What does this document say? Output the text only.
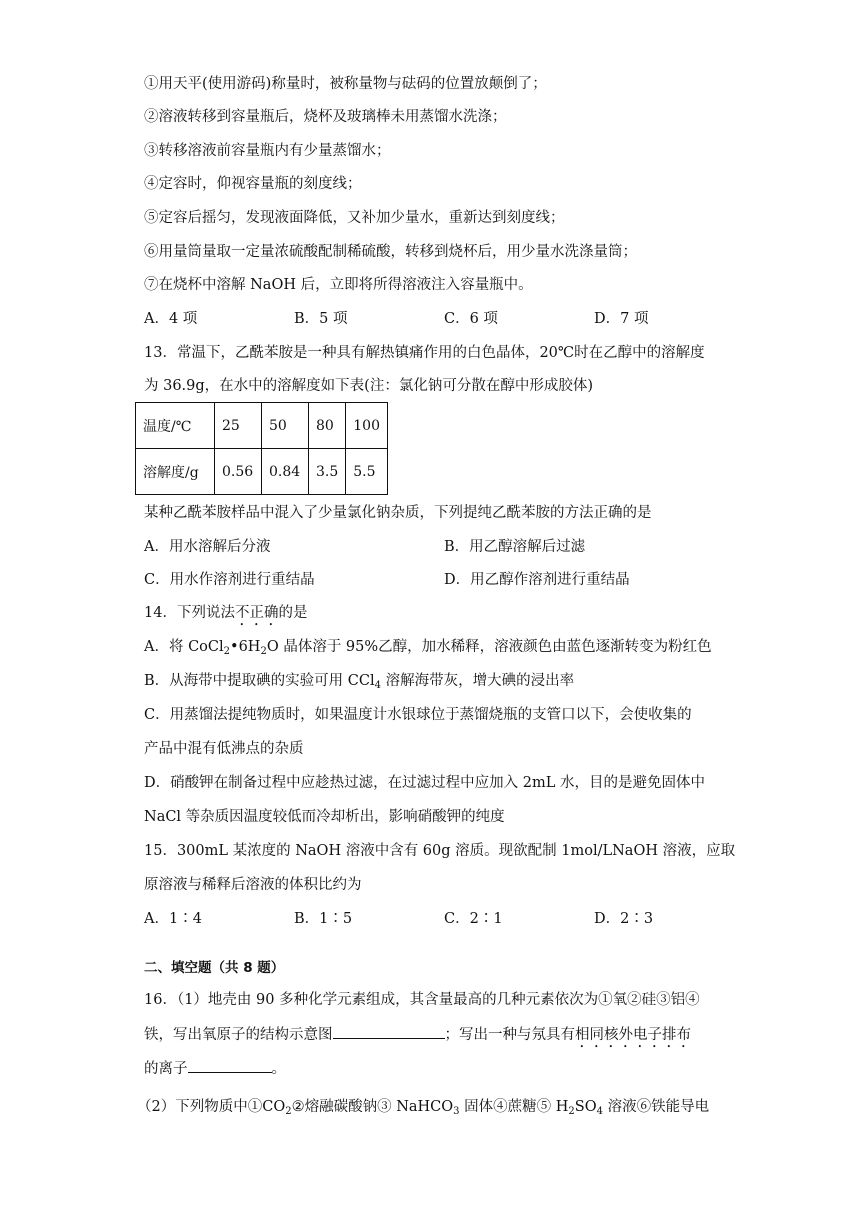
①用天平(使用游码)称量时，被称量物与砝码的位置放颠倒了；
②溶液转移到容量瓶后，烧杯及玻璃棒未用蒸馏水洗涤；
③转移溶液前容量瓶内有少量蒸馏水；
④定容时，仰视容量瓶的刻度线；
⑤定容后摇匀，发现液面降低，又补加少量水，重新达到刻度线；
⑥用量筒量取一定量浓硫酸配制稀硫酸，转移到烧杯后，用少量水洗涤量筒；
⑦在烧杯中溶解 NaOH 后，立即将所得溶液注入容量瓶中。
A．4 项	B．5 项	C．6 项	D．7 项
13．常温下，乙酰苯胺是一种具有解热镇痛作用的白色晶体，20℃时在乙醇中的溶解度
为 36.9g，在水中的溶解度如下表(注：氯化钠可分散在醇中形成胶体)
温度/℃	25	50	80	100
溶解度/g	0.56	0.84	3.5	5.5
某种乙酰苯胺样品中混入了少量氯化钠杂质，下列提纯乙酰苯胺的方法正确的是
A．用水溶解后分液	B．用乙醇溶解后过滤
C．用水作溶剂进行重结晶	D．用乙醇作溶剂进行重结晶
14．下列说法不正确的是
A．将 $CoCl_2•6H_2O$ 晶体溶于 95%乙醇，加水稀释，溶液颜色由蓝色逐渐转变为粉红色
B．从海带中提取碘的实验可用 CCl$_4$ 溶解海带灰，增大碘的浸出率
C．用蒸馏法提纯物质时，如果温度计水银球位于蒸馏烧瓶的支管口以下，会使收集的
产品中混有低沸点的杂质
D．硝酸钾在制备过程中应趁热过滤，在过滤过程中应加入 2mL 水，目的是避免固体中
NaCl 等杂质因温度较低而冷却析出，影响硝酸钾的纯度
15．300mL 某浓度的 NaOH 溶液中含有 60g 溶质。现欲配制 1mol/LNaOH 溶液，应取
原溶液与稀释后溶液的体积比约为
A．1∶4	B．1∶5	C．2∶1	D．2∶3
二、填空题（共 8 题）
16．（1）地壳由 90 多种化学元素组成，其含量最高的几种元素依次为①氧②硅③铝④
铁，写出氧原子的结构示意图	；写出一种与氖具有相同核外电子排布
的离子	。
（2）下列物质中$①CO_2②$熔融碳酸钠③ NaHCO$_3$ 固体④蔗糖⑤ $H_2SO_4$ 溶液⑥铁能导电
